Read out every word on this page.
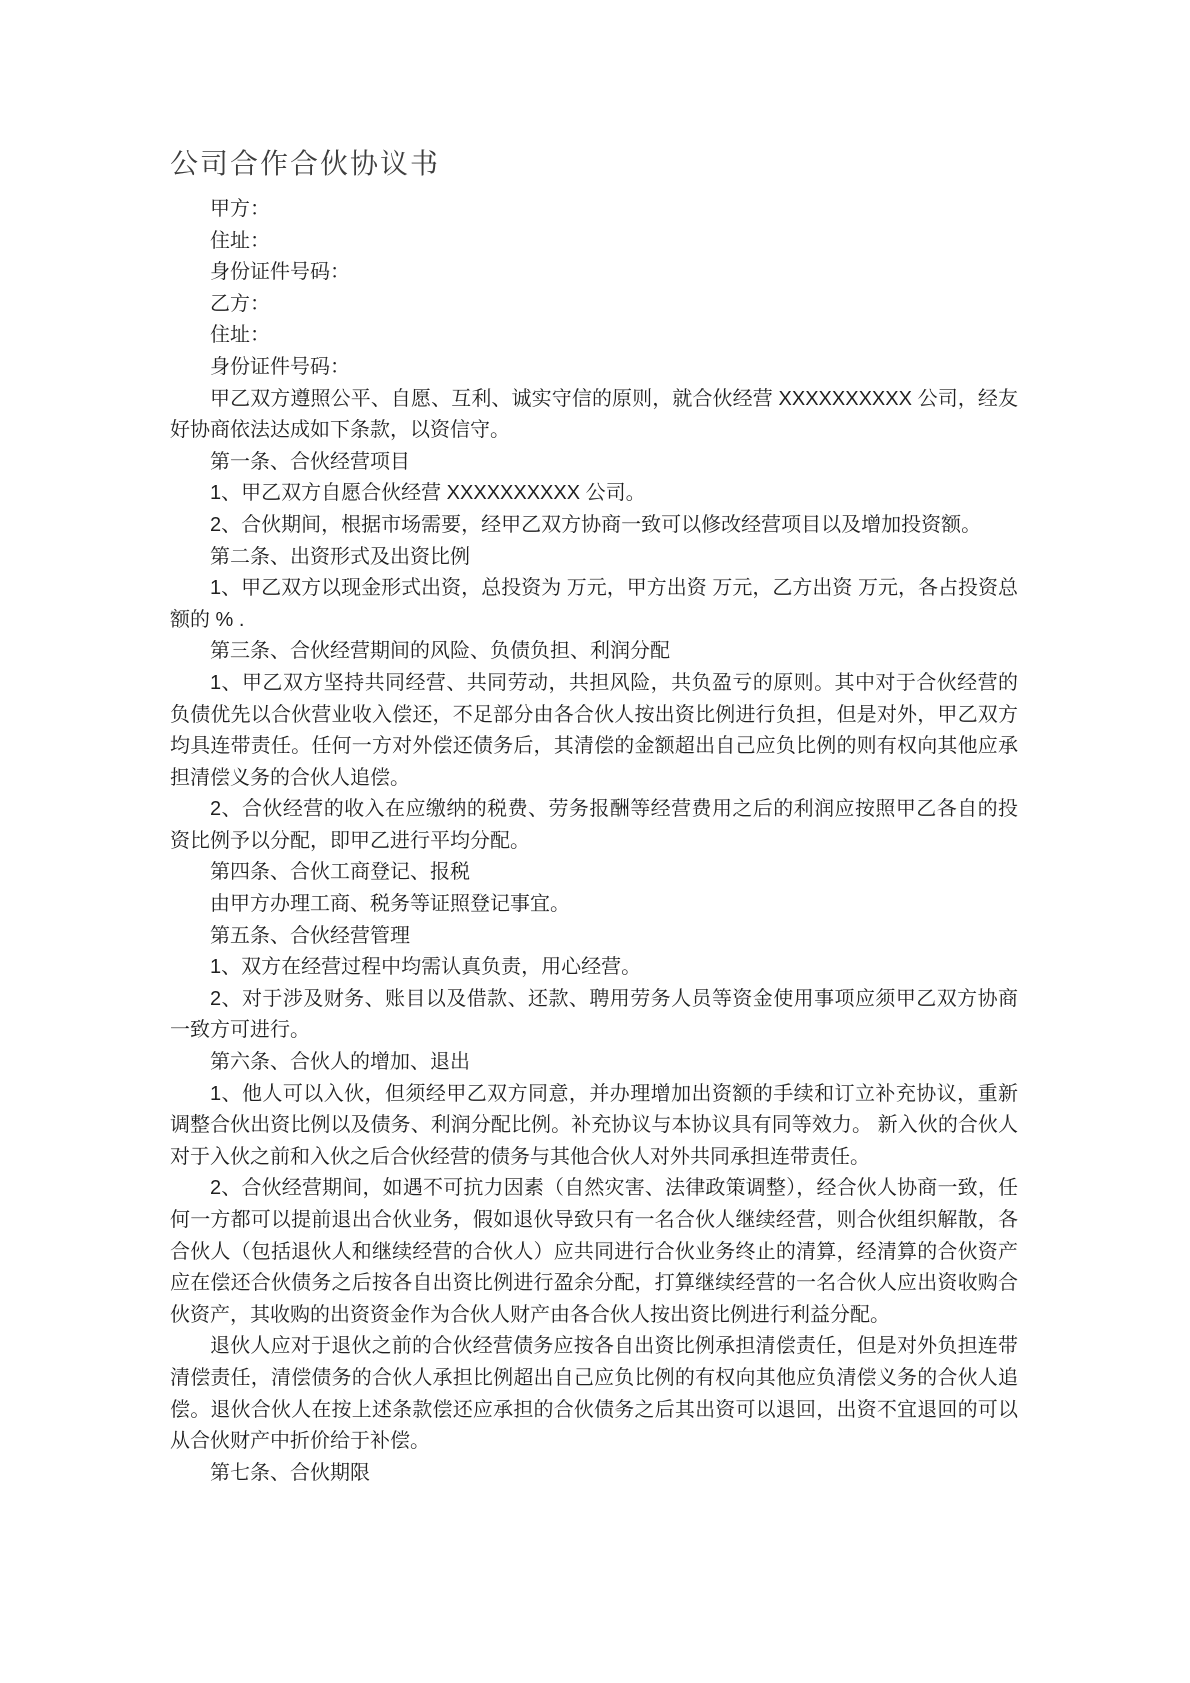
公司合作合伙协议书

甲方：

住址：

身份证件号码：

乙方：

住址：

身份证件号码：

甲乙双方遵照公平、自愿、互利、诚实守信的原则，就合伙经营 XXXXXXXXXX 公司，经友好协商依法达成如下条款，以资信守。

第一条、合伙经营项目

1、甲乙双方自愿合伙经营 XXXXXXXXXX 公司。

2、合伙期间，根据市场需要，经甲乙双方协商一致可以修改经营项目以及增加投资额。

第二条、出资形式及出资比例

1、甲乙双方以现金形式出资，总投资为 万元，甲方出资 万元，乙方出资 万元，各占投资总额的 % .

第三条、合伙经营期间的风险、负债负担、利润分配

1、甲乙双方坚持共同经营、共同劳动，共担风险，共负盈亏的原则。其中对于合伙经营的负债优先以合伙营业收入偿还，不足部分由各合伙人按出资比例进行负担，但是对外，甲乙双方均具连带责任。任何一方对外偿还债务后，其清偿的金额超出自己应负比例的则有权向其他应承担清偿义务的合伙人追偿。

2、合伙经营的收入在应缴纳的税费、劳务报酬等经营费用之后的利润应按照甲乙各自的投资比例予以分配，即甲乙进行平均分配。

第四条、合伙工商登记、报税

由甲方办理工商、税务等证照登记事宜。

第五条、合伙经营管理

1、双方在经营过程中均需认真负责，用心经营。

2、对于涉及财务、账目以及借款、还款、聘用劳务人员等资金使用事项应须甲乙双方协商一致方可进行。

第六条、合伙人的增加、退出

1、他人可以入伙，但须经甲乙双方同意，并办理增加出资额的手续和订立补充协议，重新调整合伙出资比例以及债务、利润分配比例。补充协议与本协议具有同等效力。 新入伙的合伙人对于入伙之前和入伙之后合伙经营的债务与其他合伙人对外共同承担连带责任。

2、合伙经营期间，如遇不可抗力因素（自然灾害、法律政策调整），经合伙人协商一致，任何一方都可以提前退出合伙业务，假如退伙导致只有一名合伙人继续经营，则合伙组织解散，各合伙人（包括退伙人和继续经营的合伙人）应共同进行合伙业务终止的清算，经清算的合伙资产应在偿还合伙债务之后按各自出资比例进行盈余分配，打算继续经营的一名合伙人应出资收购合伙资产，其收购的出资资金作为合伙人财产由各合伙人按出资比例进行利益分配。

退伙人应对于退伙之前的合伙经营债务应按各自出资比例承担清偿责任，但是对外负担连带清偿责任，清偿债务的合伙人承担比例超出自己应负比例的有权向其他应负清偿义务的合伙人追偿。退伙合伙人在按上述条款偿还应承担的合伙债务之后其出资可以退回，出资不宜退回的可以从合伙财产中折价给于补偿。

第七条、合伙期限
